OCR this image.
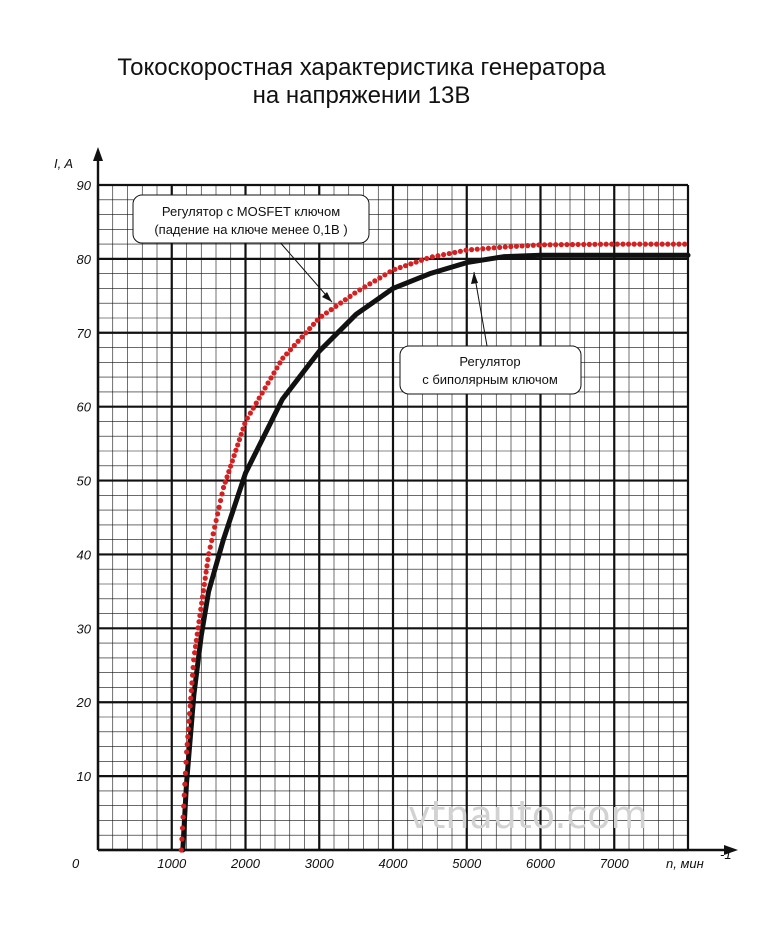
Токоскоростная характеристика генератора
на напряжении 13В
1000	2000	3000	4000	5000	6000	7000
10
20
30
40
50
60
70
80
90
I, A
n, мин
-1
0
vtnauto.com
Регулятор с MOSFET ключом
(падение на ключе менее 0,1В )
Регулятор
с биполярным ключом
